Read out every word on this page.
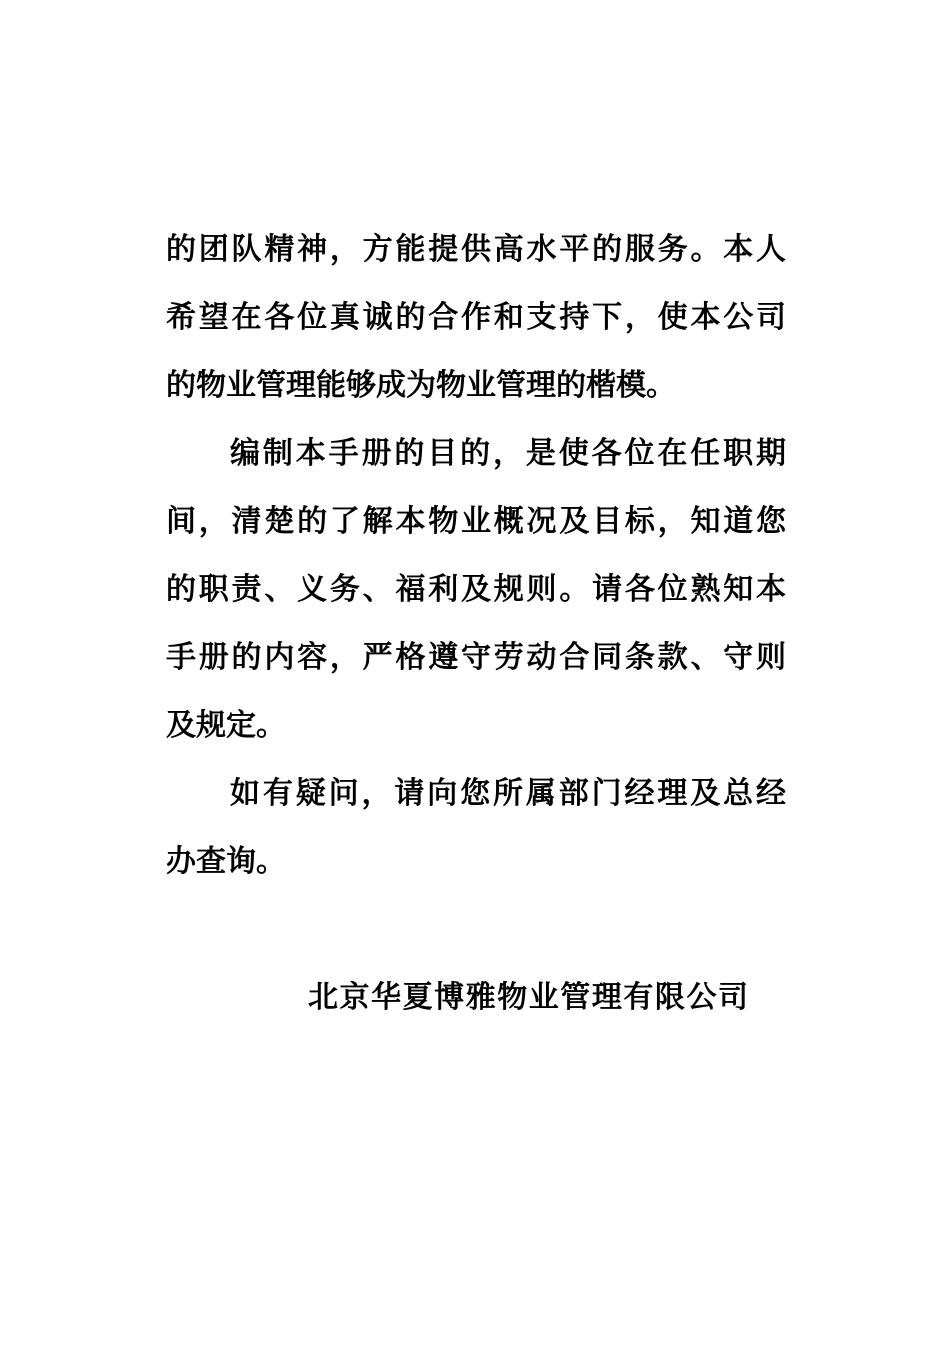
的团队精神，方能提供高水平的服务。本人
希望在各位真诚的合作和支持下，使本公司
的物业管理能够成为物业管理的楷模。
编制本手册的目的，是使各位在任职期
间，清楚的了解本物业概况及目标，知道您
的职责、义务、福利及规则。请各位熟知本
手册的内容，严格遵守劳动合同条款、守则
及规定。
如有疑问，请向您所属部门经理及总经
办查询。
北京华夏博雅物业管理有限公司
